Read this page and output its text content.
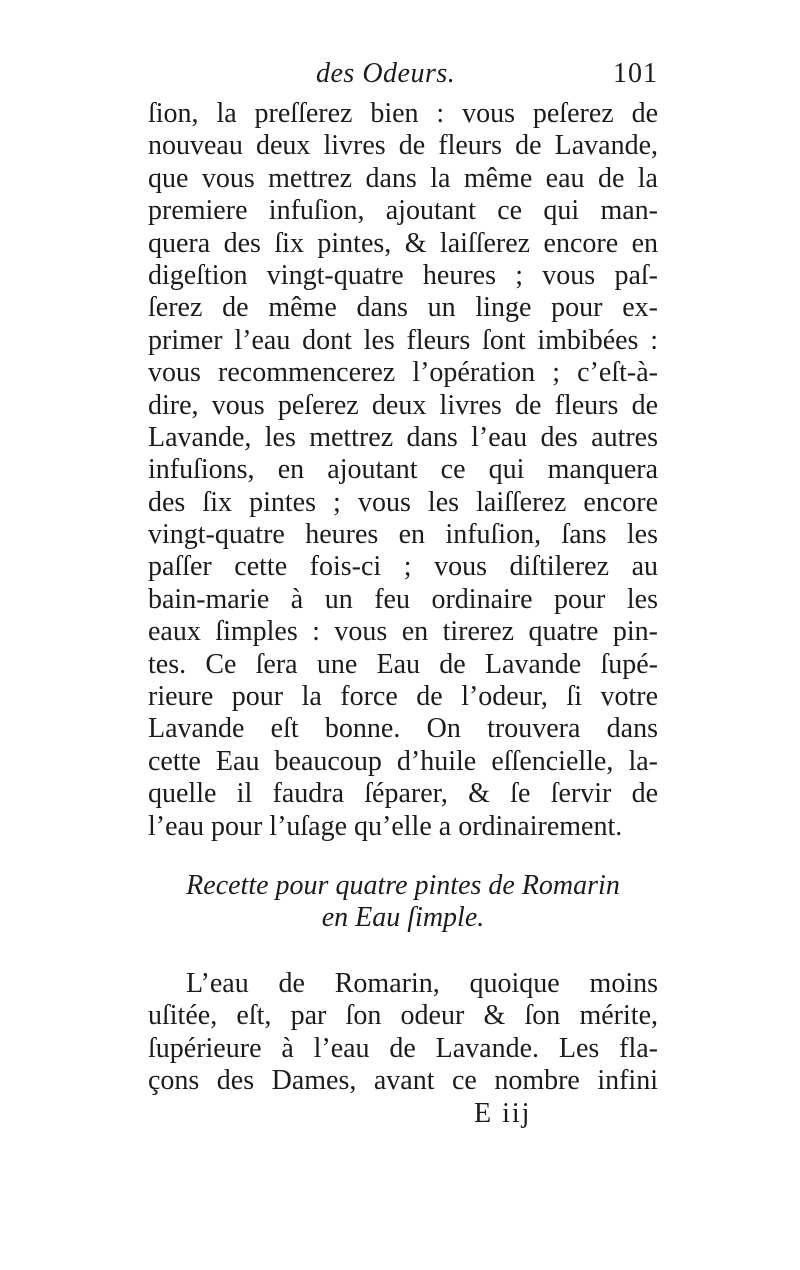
des Odeurs.	101
ſion, la preſſerez bien : vous peſerez de
nouveau deux livres de fleurs de Lavande,
que vous mettrez dans la même eau de la
premiere infuſion, ajoutant ce qui man-
quera des ſix pintes, & laiſſerez encore en
digeſtion vingt-quatre heures ; vous paſ-
ſerez de même dans un linge pour ex-
primer l’eau dont les fleurs ſont imbibées :
vous recommencerez l’opération ; c’eſt-à-
dire, vous peſerez deux livres de fleurs de
Lavande, les mettrez dans l’eau des autres
infuſions, en ajoutant ce qui manquera
des ſix pintes ; vous les laiſſerez encore
vingt-quatre heures en infuſion, ſans les
paſſer cette fois-ci ; vous diſtilerez au
bain-marie à un feu ordinaire pour les
eaux ſimples : vous en tirerez quatre pin-
tes. Ce ſera une Eau de Lavande ſupé-
rieure pour la force de l’odeur, ſi votre
Lavande eſt bonne. On trouvera dans
cette Eau beaucoup d’huile eſſencielle, la-
quelle il faudra ſéparer, & ſe ſervir de
l’eau pour l’uſage qu’elle a ordinairement.
Recette pour quatre pintes de Romarin
en Eau ſimple.
L’eau de Romarin, quoique moins
uſitée, eſt, par ſon odeur & ſon mérite,
ſupérieure à l’eau de Lavande. Les fla-
çons des Dames, avant ce nombre infini
E iij
